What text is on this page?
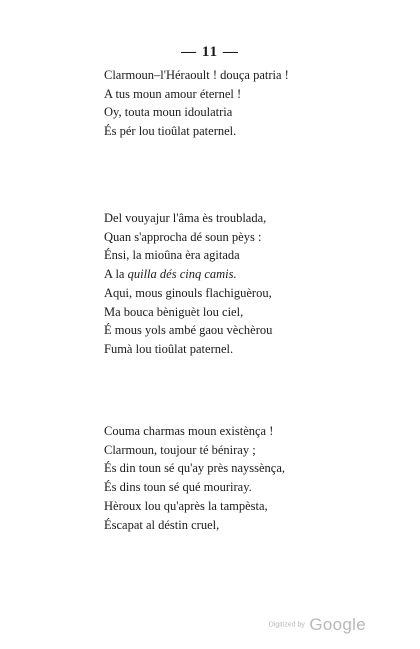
— 11 —
Clarmoun–l'Héraoult ! douça patria !
A tus moun amour éternel !
Oy, touta moun idoulatria
És pér lou tioûlat paternel.
Del vouyajur l'âma ès troublada,
Quan s'approcha dé soun pèys :
Énsi, la mioûna èra agitada
A la quilla dés cinq camis.
Aqui, mous ginouls flachiguèrou,
Ma bouca bèniguèt lou ciel,
É mous yols ambé gaou vèchèrou
Fumà lou tioûlat paternel.
Couma charmas moun existènça !
Clarmoun, toujour té béniray ;
És din toun sé qu'ay près nayssènça,
És dins toun sé qué mouriray.
Hèroux lou qu'après la tampèsta,
Éscapat al déstin cruel,
Digitized by Google
